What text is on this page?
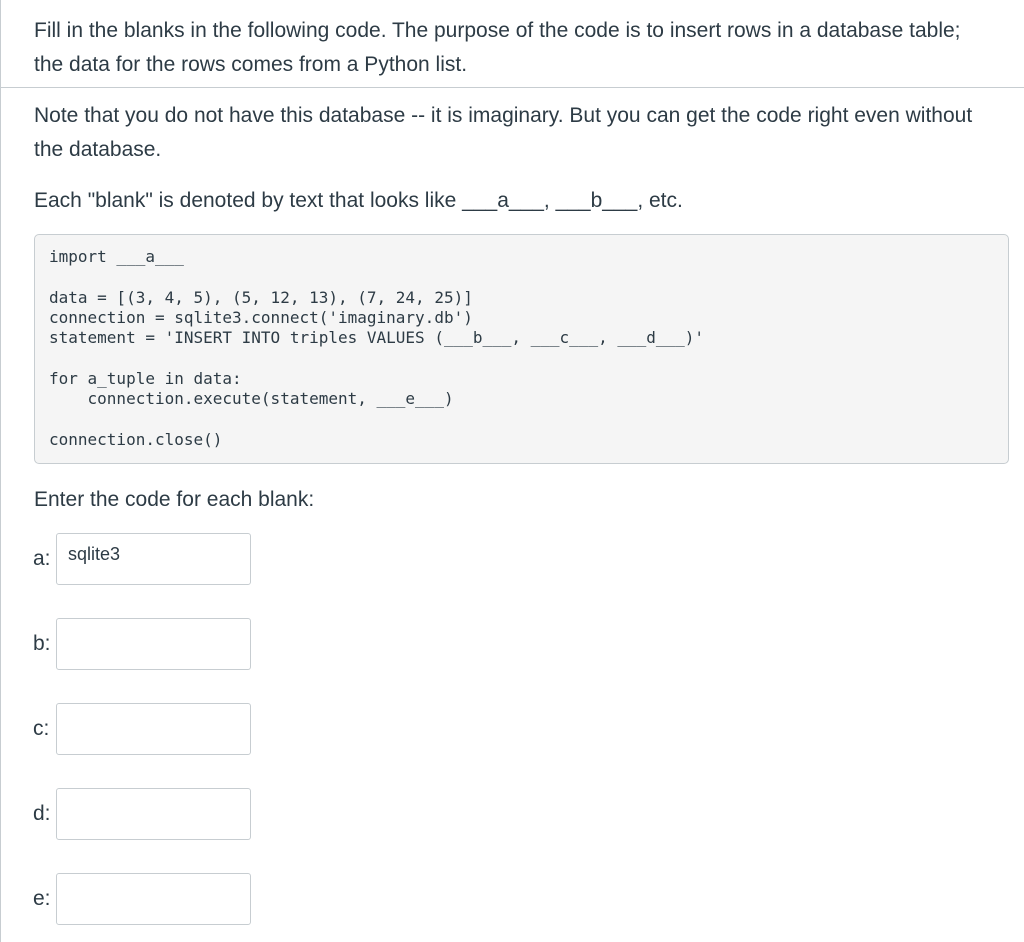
Fill in the blanks in the following code. The purpose of the code is to insert rows in a database table; the data for the rows comes from a Python list.

Note that you do not have this database -- it is imaginary. But you can get the code right even without the database.

Each "blank" is denoted by text that looks like ___a___, ___b___, etc.

import ___a___
data = [(3, 4, 5), (5, 12, 13), (7, 24, 25)]
connection = sqlite3.connect('imaginary.db')
statement = 'INSERT INTO triples VALUES (___b___, ___c___, ___d___)'
for a_tuple in data:
connection.execute(statement, ___e___)
connection.close()

Enter the code for each blank:

a:
sqlite3
b:
c:
d:
e:
